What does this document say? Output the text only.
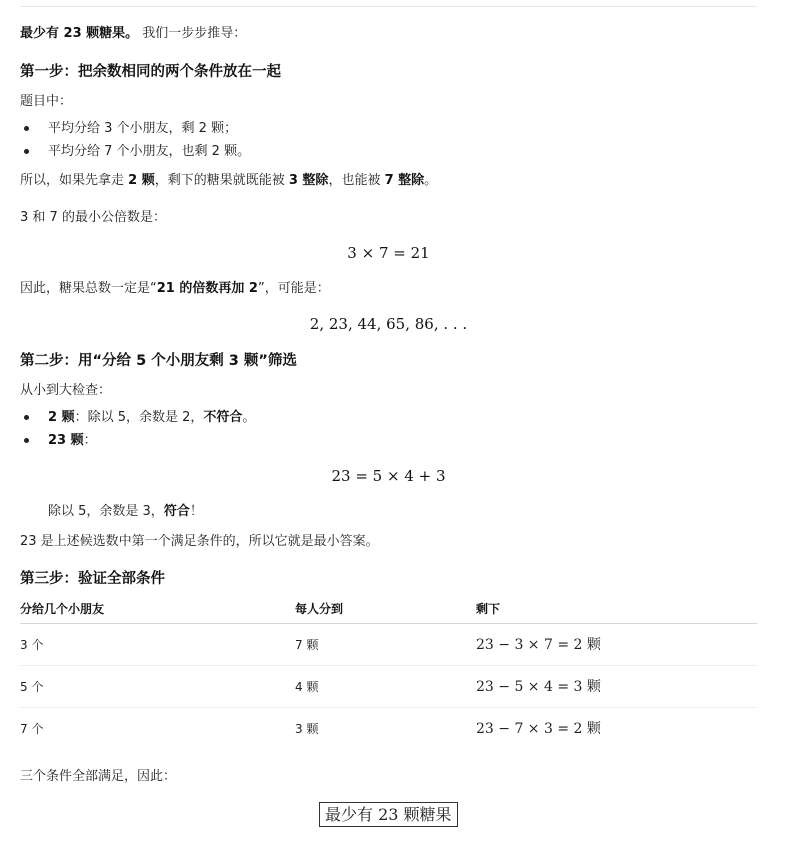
最少有 23 颗糖果。 我们一步步推导：
第一步：把余数相同的两个条件放在一起
题目中：
平均分给 3 个小朋友，剩 2 颗；
平均分给 7 个小朋友，也剩 2 颗。
所以，如果先拿走 2 颗，剩下的糖果就既能被 3 整除，也能被 7 整除。
3 和 7 的最小公倍数是：
3 × 7 = 21
因此，糖果总数一定是“21 的倍数再加 2”，可能是：
2, 23, 44, 65, 86, . . .
第二步：用“分给 5 个小朋友剩 3 颗”筛选
从小到大检查：
2 颗：除以 5，余数是 2，不符合。
23 颗：
23 = 5 × 4 + 3
除以 5，余数是 3，符合！
23 是上述候选数中第一个满足条件的，所以它就是最小答案。
第三步：验证全部条件
分给几个小朋友	每人分到	剩下
3 个	7 颗	23 − 3 × 7 = 2 颗
5 个	4 颗	23 − 5 × 4 = 3 颗
7 个	3 颗	23 − 7 × 3 = 2 颗
三个条件全部满足，因此：
最少有 23 颗糖果
